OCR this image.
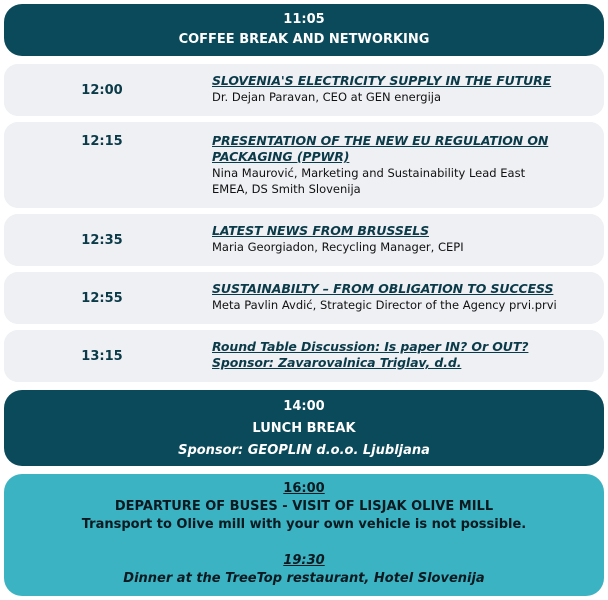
11:05
COFFEE BREAK AND NETWORKING
12:00
SLOVENIA'S ELECTRICITY SUPPLY IN THE FUTURE
Dr. Dejan Paravan, CEO at GEN energija
12:15	PRESENTATION OF THE NEW EU REGULATION ON PACKAGING (PPWR)
Nina Maurović, Marketing and Sustainability Lead East EMEA, DS Smith Slovenija
12:35
LATEST NEWS FROM BRUSSELS
Maria Georgiadon, Recycling Manager, CEPI
12:55
SUSTAINABILTY – FROM OBLIGATION TO SUCCESS
Meta Pavlin Avdić, Strategic Director of the Agency prvi.prvi
13:15
Round Table Discussion: Is paper IN? Or OUT?
Sponsor: Zavarovalnica Triglav, d.d.
14:00
LUNCH BREAK
Sponsor: GEOPLIN d.o.o. Ljubljana
16:00
DEPARTURE OF BUSES - VISIT OF LISJAK OLIVE MILL
Transport to Olive mill with your own vehicle is not possible.
19:30
Dinner at the TreeTop restaurant, Hotel Slovenija
